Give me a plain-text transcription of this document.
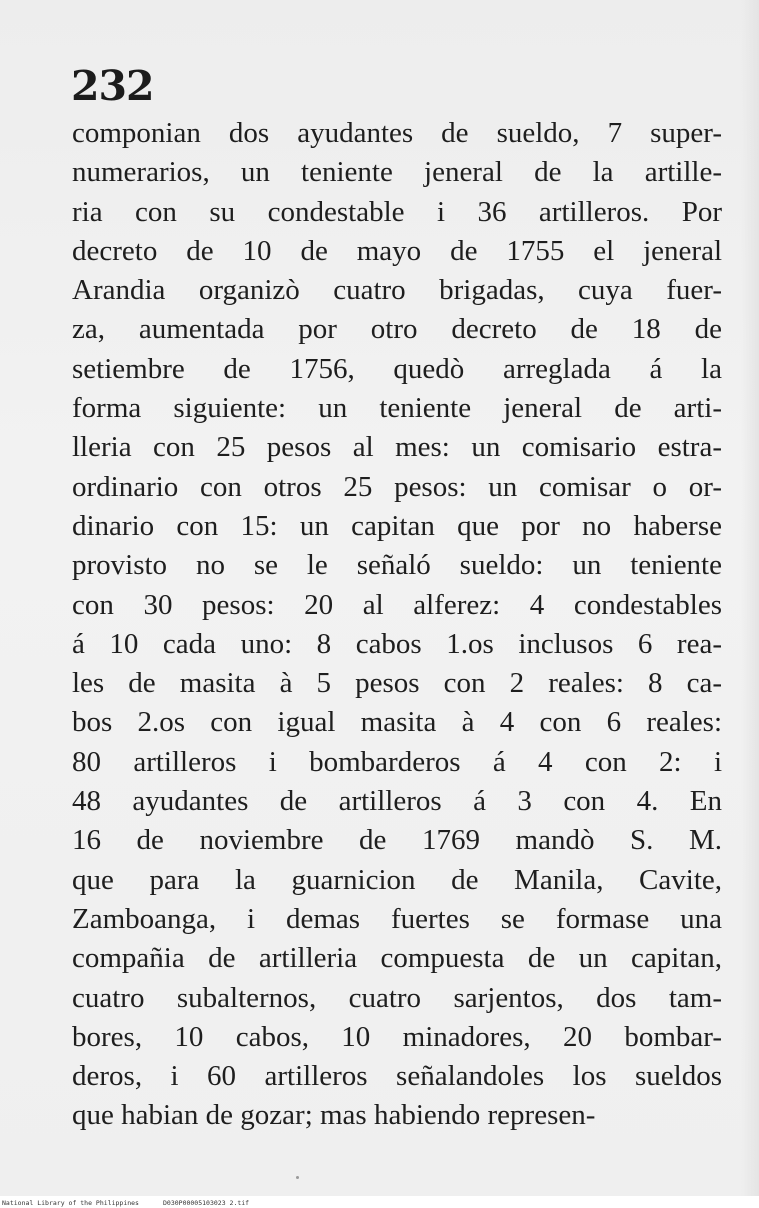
232
componian dos ayudantes de sueldo, 7 super-
numerarios, un teniente jeneral de la artille-
ria con su condestable i 36 artilleros. Por
decreto de 10 de mayo de 1755 el jeneral
Arandia organizò cuatro brigadas, cuya fuer-
za, aumentada por otro decreto de 18 de
setiembre de 1756, quedò arreglada á la
forma siguiente: un teniente jeneral de arti-
lleria con 25 pesos al mes: un comisario estra-
ordinario con otros 25 pesos: un comisar o or-
dinario con 15: un capitan que por no haberse
provisto no se le señaló sueldo: un teniente
con 30 pesos: 20 al alferez: 4 condestables
á 10 cada uno: 8 cabos 1.os inclusos 6 rea-
les de masita à 5 pesos con 2 reales: 8 ca-
bos 2.os con igual masita à 4 con 6 reales:
80 artilleros i bombarderos á 4 con 2: i
48 ayudantes de artilleros á 3 con 4. En
16 de noviembre de 1769 mandò S. M.
que para la guarnicion de Manila, Cavite,
Zamboanga, i demas fuertes se formase una
compañia de artilleria compuesta de un capitan,
cuatro subalternos, cuatro sarjentos, dos tam-
bores, 10 cabos, 10 minadores, 20 bombar-
deros, i 60 artilleros señalandoles los sueldos
que habian de gozar; mas habiendo represen-
National Library of the Philippines	D030P00005103023 2.tif
